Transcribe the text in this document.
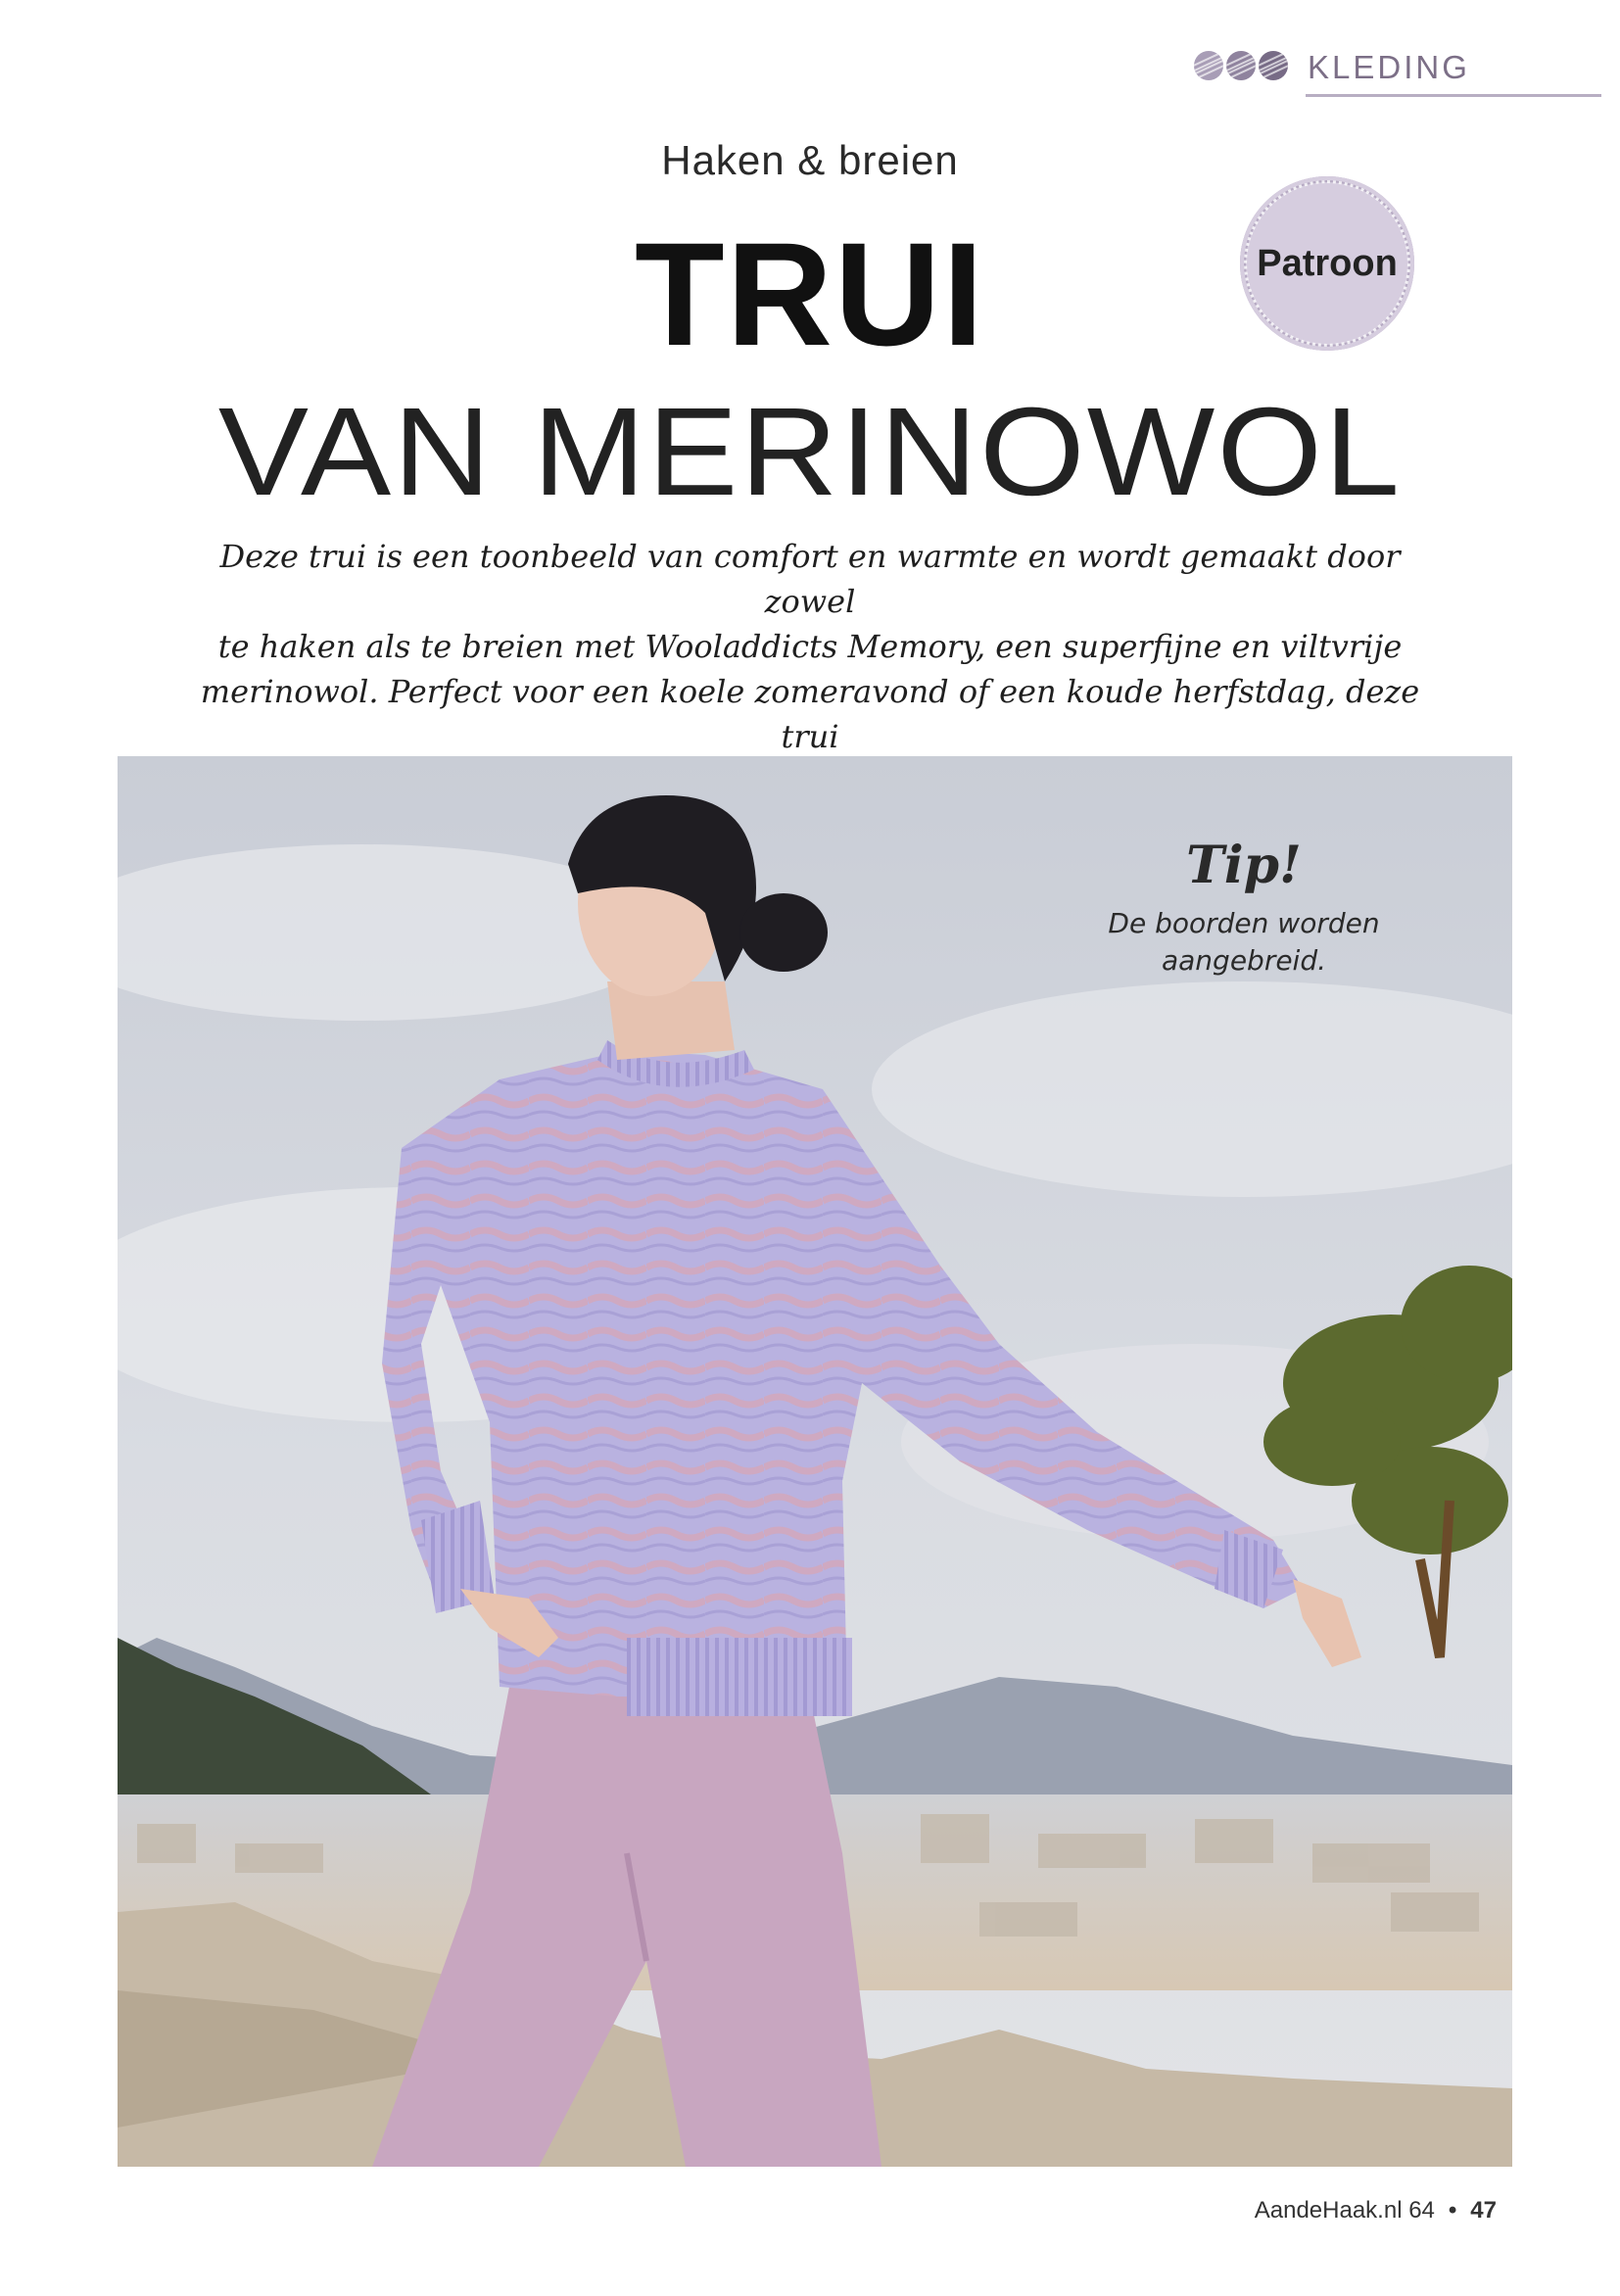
KLEDING
Haken & breien
TRUI
VAN MERINOWOL
Patroon
Deze trui is een toonbeeld van comfort en warmte en wordt gemaakt door zowel
te haken als te breien met Wooladdicts Memory, een superfijne en viltvrije
merinowol. Perfect voor een koele zomeravond of een koude herfstdag, deze trui
Tip!
De boorden worden
aangebreid.
AandeHaak.nl 64 • 47
